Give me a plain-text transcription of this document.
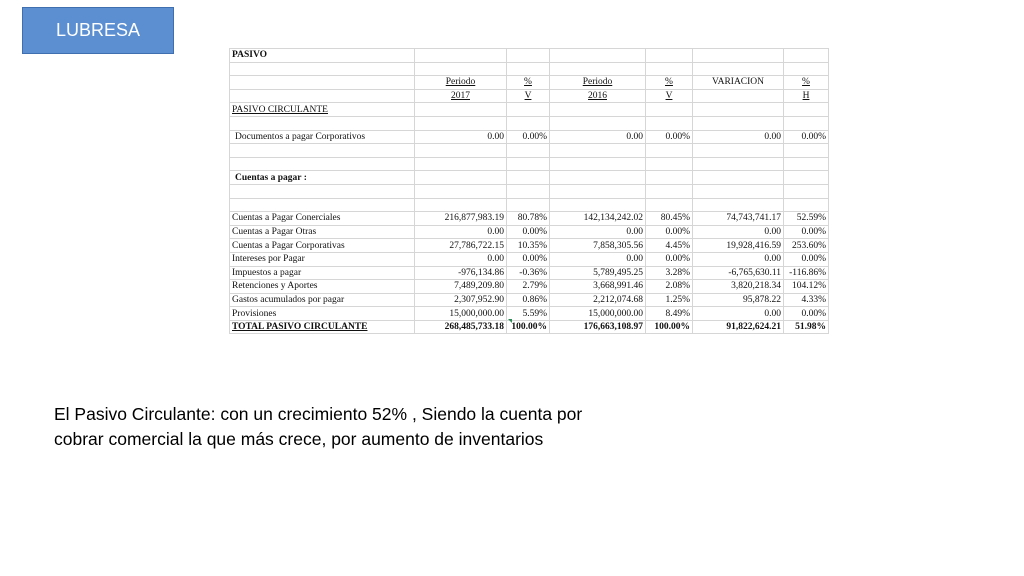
LUBRESA
PASIVO						

	Periodo	%	Periodo	%	VARIACION	%
	2017	V	2016	V		H
PASIVO CIRCULANTE						

Documentos a pagar Corporativos	0.00	0.00%	0.00	0.00%	0.00	0.00%

Cuentas a pagar :						

Cuentas a Pagar Conerciales	216,877,983.19	80.78%	142,134,242.02	80.45%	74,743,741.17	52.59%
Cuentas a Pagar Otras	0.00	0.00%	0.00	0.00%	0.00	0.00%
Cuentas a Pagar Corporativas	27,786,722.15	10.35%	7,858,305.56	4.45%	19,928,416.59	253.60%
Intereses por Pagar	0.00	0.00%	0.00	0.00%	0.00	0.00%
Impuestos a pagar	-976,134.86	-0.36%	5,789,495.25	3.28%	-6,765,630.11	-116.86%
Retenciones y Aportes	7,489,209.80	2.79%	3,668,991.46	2.08%	3,820,218.34	104.12%
Gastos acumulados por pagar	2,307,952.90	0.86%	2,212,074.68	1.25%	95,878.22	4.33%
Provisiones	15,000,000.00	5.59%	15,000,000.00	8.49%	0.00	0.00%
TOTAL PASIVO CIRCULANTE	268,485,733.18	100.00%	176,663,108.97	100.00%	91,822,624.21	51.98%
El Pasivo Circulante: con un crecimiento 52% , Siendo la cuenta por
cobrar comercial la que más crece, por aumento de inventarios
